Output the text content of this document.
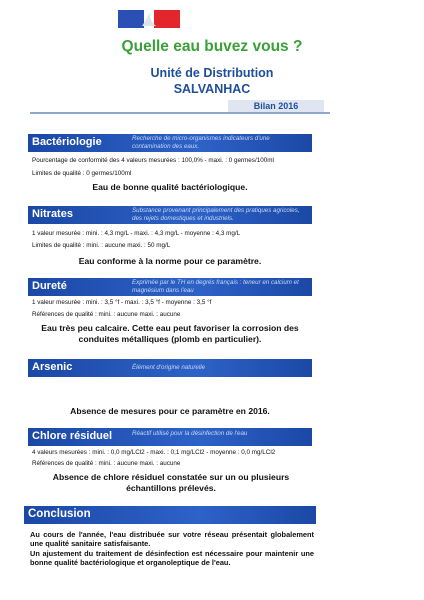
Quelle eau buvez vous ?
Unité de Distribution
SALVANHAC
Bilan 2016
Bactériologie	Recherche de micro-organismes indicateurs d'une contamination des eaux.
Pourcentage de conformité des 4 valeurs mesurées : 100,0% - maxi. : 0 germes/100ml
Limites de qualité : 0 germes/100ml
Eau de bonne qualité bactériologique.
Nitrates	Substance provenant principalement des pratiques agricoles, des rejets domestiques et industriels.
1 valeur mesurée : mini. : 4,3 mg/L - maxi. : 4,3 mg/L - moyenne : 4,3 mg/L
Limites de qualité : mini. : aucune maxi. : 50 mg/L
Eau conforme à la norme pour ce paramètre.
Dureté	Exprimée par le TH en degrés français : teneur en calcium et magnésium dans l'eau
1 valeur mesurée : mini. : 3,5 °f - maxi. : 3,5 °f - moyenne : 3,5 °f
Références de qualité : mini. : aucune maxi. : aucune
Eau très peu calcaire. Cette eau peut favoriser la corrosion des conduites métalliques (plomb en particulier).
Arsenic	Élément d'origine naturelle
Absence de mesures pour ce paramètre en 2016.
Chlore résiduel	Réactif utilisé pour la désinfection de l'eau
4 valeurs mesurées : mini. : 0,0 mg/LCl2 - maxi. : 0,1 mg/LCl2 - moyenne : 0,0 mg/LCl2
Références de qualité : mini. : aucune maxi. : aucune
Absence de chlore résiduel constatée sur un ou plusieurs échantillons prélevés.
Conclusion
Au cours de l'année, l'eau distribuée sur votre réseau présentait globalement une qualité sanitaire satisfaisante.
Un ajustement du traitement de désinfection est nécessaire pour maintenir une bonne qualité bactériologique et organoleptique de l'eau.
